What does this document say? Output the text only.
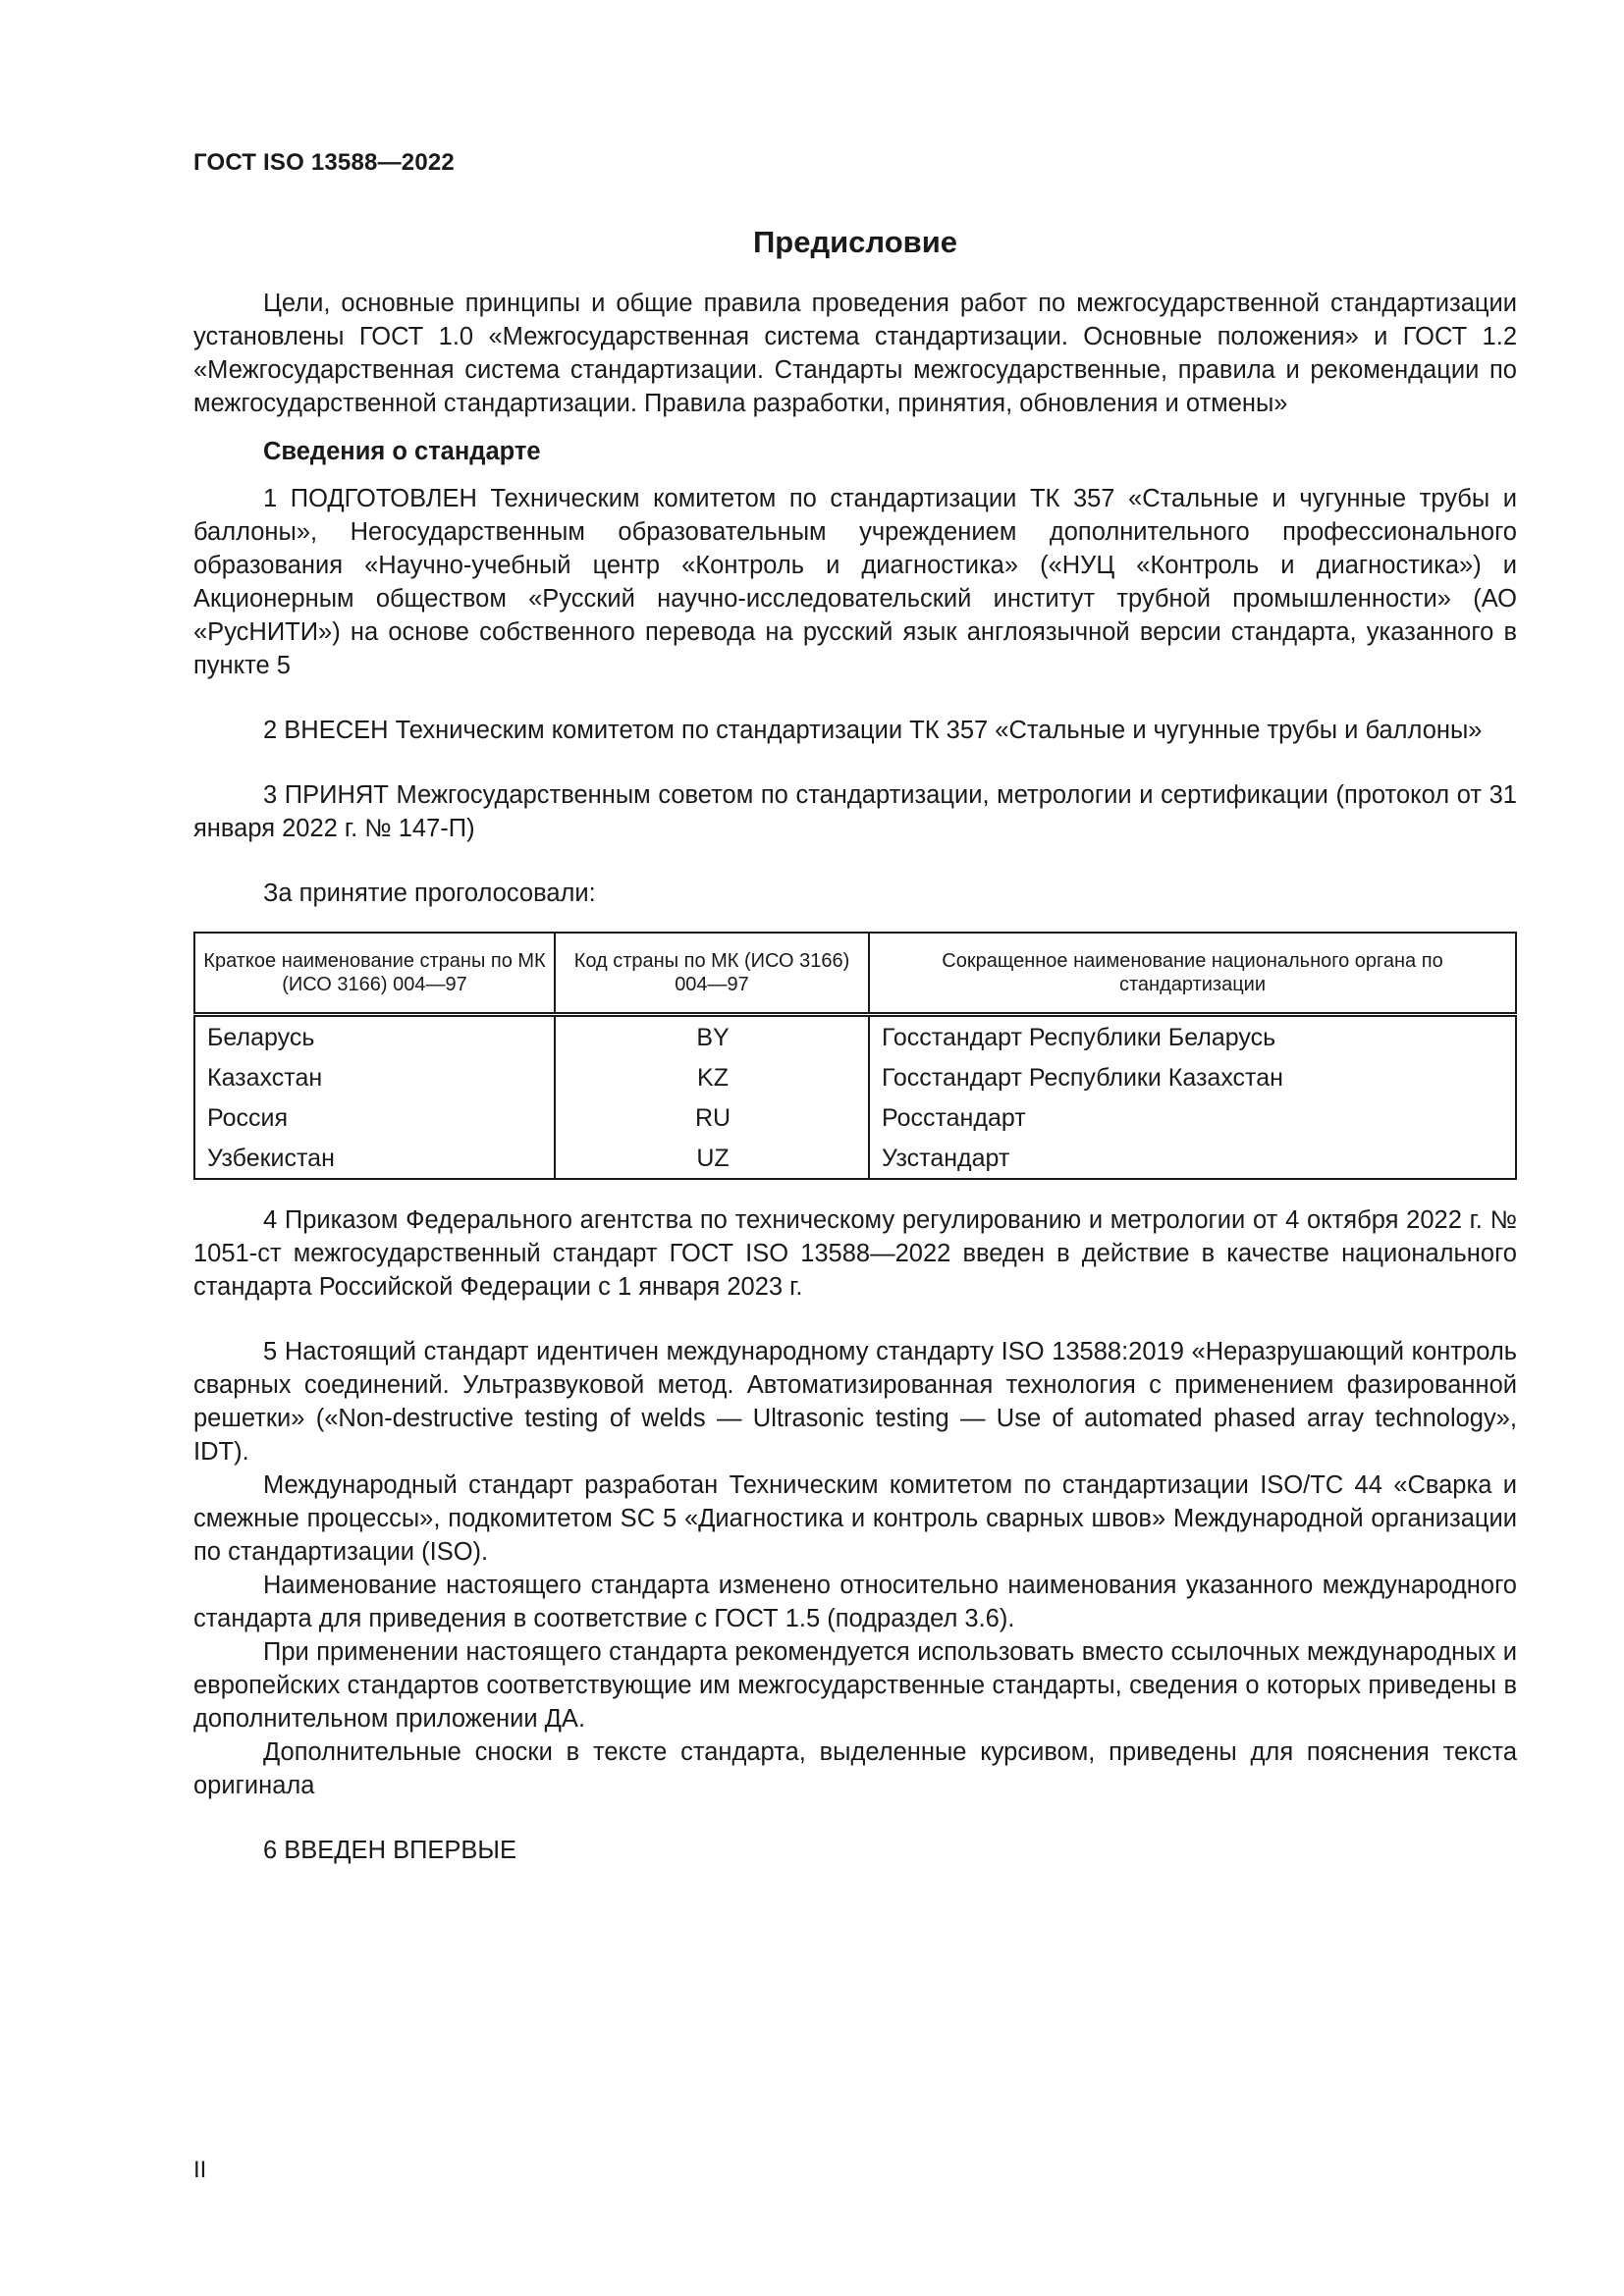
ГОСТ ISO 13588—2022
Предисловие

Цели, основные принципы и общие правила проведения работ по межгосударственной стандартизации установлены ГОСТ 1.0 «Межгосударственная система стандартизации. Основные положения» и ГОСТ 1.2 «Межгосударственная система стандартизации. Стандарты межгосударственные, правила и рекомендации по межгосударственной стандартизации. Правила разработки, принятия, обновления и отмены»

Сведения о стандарте

1 ПОДГОТОВЛЕН Техническим комитетом по стандартизации ТК 357 «Стальные и чугунные трубы и баллоны», Негосударственным образовательным учреждением дополнительного профессионального образования «Научно-учебный центр «Контроль и диагностика» («НУЦ «Контроль и диагностика») и Акционерным обществом «Русский научно-исследовательский институт трубной промышленности» (АО «РусНИТИ») на основе собственного перевода на русский язык англоязычной версии стандарта, указанного в пункте 5

2 ВНЕСЕН Техническим комитетом по стандартизации ТК 357 «Стальные и чугунные трубы и баллоны»

3 ПРИНЯТ Межгосударственным советом по стандартизации, метрологии и сертификации (протокол от 31 января 2022 г. № 147-П)

За принятие проголосовали:

Краткое наименование страны по МК (ИСО 3166) 004—97	Код страны по МК (ИСО 3166) 004—97	Сокращенное наименование национального органа по стандартизации
Беларусь	BY	Госстандарт Республики Беларусь
Казахстан	KZ	Госстандарт Республики Казахстан
Россия	RU	Росстандарт
Узбекистан	UZ	Узстандарт

4 Приказом Федерального агентства по техническому регулированию и метрологии от 4 октября 2022 г. № 1051-ст межгосударственный стандарт ГОСТ ISO 13588—2022 введен в действие в качестве национального стандарта Российской Федерации с 1 января 2023 г.

5 Настоящий стандарт идентичен международному стандарту ISO 13588:2019 «Неразрушающий контроль сварных соединений. Ультразвуковой метод. Автоматизированная технология с применением фазированной решетки» («Non-destructive testing of welds — Ultrasonic testing — Use of automated phased array technology», IDT).

Международный стандарт разработан Техническим комитетом по стандартизации ISO/TC 44 «Сварка и смежные процессы», подкомитетом SC 5 «Диагностика и контроль сварных швов» Международной организации по стандартизации (ISO).

Наименование настоящего стандарта изменено относительно наименования указанного международного стандарта для приведения в соответствие с ГОСТ 1.5 (подраздел 3.6).

При применении настоящего стандарта рекомендуется использовать вместо ссылочных международных и европейских стандартов соответствующие им межгосударственные стандарты, сведения о которых приведены в дополнительном приложении ДА.

Дополнительные сноски в тексте стандарта, выделенные курсивом, приведены для пояснения текста оригинала

6 ВВЕДЕН ВПЕРВЫЕ

II
